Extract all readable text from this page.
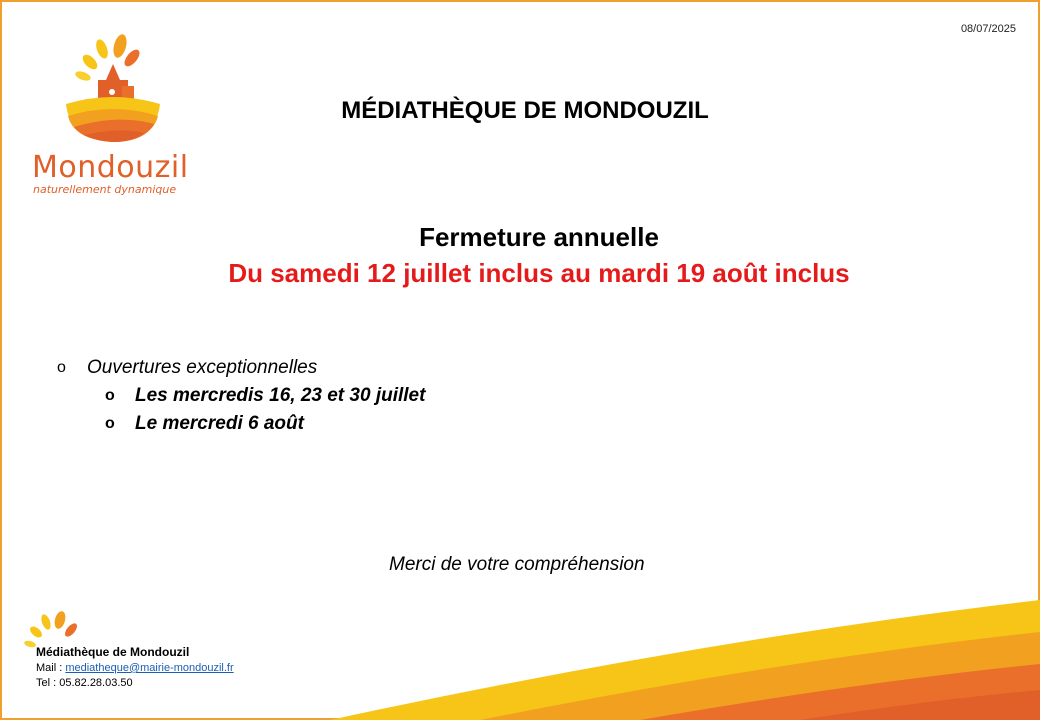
08/07/2025
Mondouzil
naturellement dynamique
MÉDIATHÈQUE DE MONDOUZIL
Fermeture annuelle
Du samedi 12 juillet inclus au mardi 19 août inclus
o	Ouvertures exceptionnelles
o	Les mercredis 16, 23 et 30 juillet
o	Le mercredi 6 août
Merci de votre compréhension
Médiathèque de Mondouzil
Mail : mediatheque@mairie-mondouzil.fr
Tel : 05.82.28.03.50
